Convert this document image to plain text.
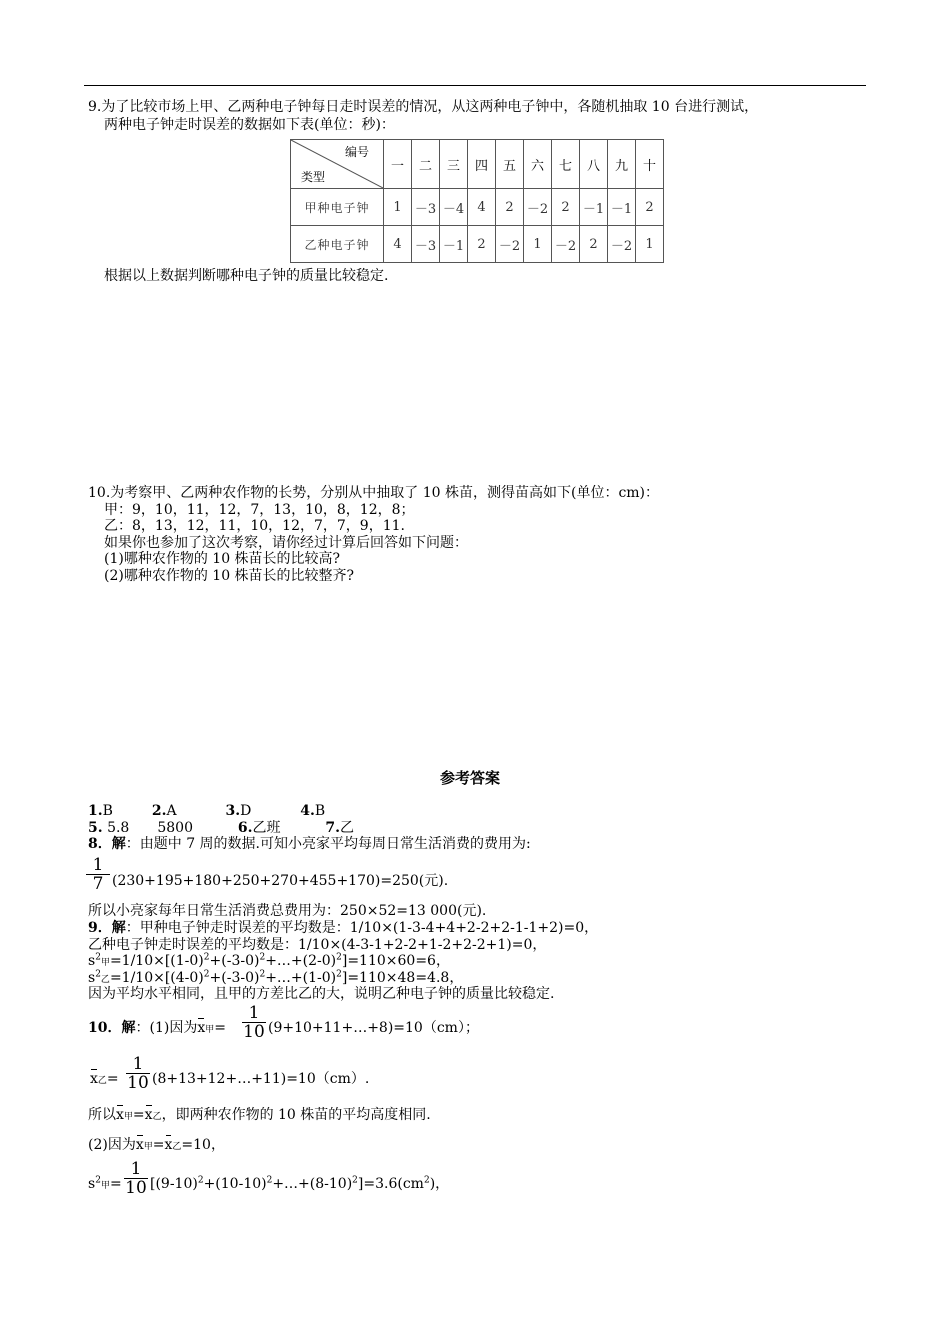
9.为了比较市场上甲、乙两种电子钟每日走时误差的情况，从这两种电子钟中，各随机抽取 10 台进行测试，
两种电子钟走时误差的数据如下表(单位：秒)：
编号
类型	一	二	三	四	五	六	七	八	九	十
甲种电子钟	1	－3	－4	4	2	－2	2	－1	－1	2
乙种电子钟	4	－3	－1	2	－2	1	－2	2	－2	1
根据以上数据判断哪种电子钟的质量比较稳定.
10.为考察甲、乙两种农作物的长势，分别从中抽取了 10 株苗，测得苗高如下(单位：cm)：
甲：9，10，11，12，7，13，10，8，12，8；
乙：8，13，12，11，10，12，7，7，9，11.
如果你也参加了这次考察，请你经过计算后回答如下问题：
(1)哪种农作物的 10 株苗长的比较高?
(2)哪种农作物的 10 株苗长的比较整齐?
参考答案
1.B	2.A	3.D	4.B
5. 5.8　　5800	6.乙班	7.乙
8．解：由题中 7 周的数据.可知小亮家平均每周日常生活消费的费用为:
$\frac{1}{7} (230+195+180+250+270+455+170)=250$(元).
所以小亮家每年日常生活消费总费用为：250×52=13 000(元).
9．解：甲种电子钟走时误差的平均数是：1/10×(1-3-4+4+2-2+2-1-1+2)=0，
乙种电子钟走时误差的平均数是：1/10×(4-3-1+2-2+1-2+2-2+1)=0，
$s^2$甲$=1/10\times[(1-0)^2+(-3-0)^2+\dots+(2-0)^2]=110\times 60=6$，
$s^2$乙$=1/10\times[(4-0)^2+(-3-0)^2+\dots+(1-0)^2]=110\times 48=4.8$，
因为平均水平相同，且甲的方差比乙的大，说明乙种电子钟的质量比较稳定.
10．解：(1)因为x甲= $\frac{1}{10}$ (9+10+11+…+8)=10（cm）；
x乙= $\frac{1}{10}$ (8+13+12+…+11)=10（cm）.
所以x甲=x乙，即两种农作物的 10 株苗的平均高度相同.
(2)因为x甲=x乙=10，
$s^2$甲= $\frac{1}{10}$ $[(9-10)^2+(10-10)^2+\dots+(8-10)^2]=3.6(cm^2)$，
